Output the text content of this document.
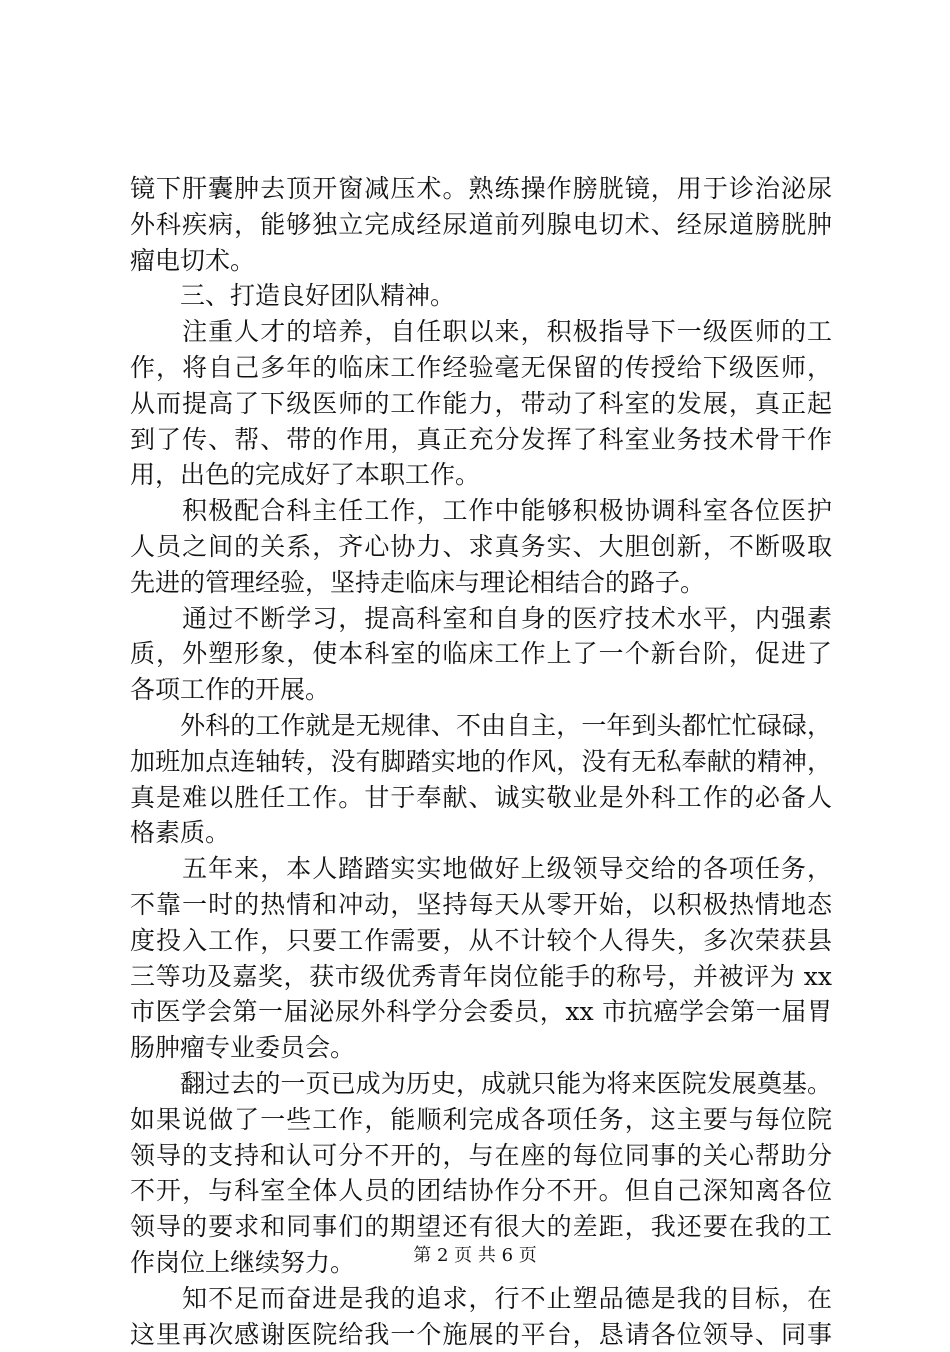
镜下肝囊肿去顶开窗减压术。熟练操作膀胱镜，用于诊治泌尿
外科疾病，能够独立完成经尿道前列腺电切术、经尿道膀胱肿
瘤电切术。
　　三、打造良好团队精神。
　　注重人才的培养，自任职以来，积极指导下一级医师的工
作，将自己多年的临床工作经验毫无保留的传授给下级医师，
从而提高了下级医师的工作能力，带动了科室的发展，真正起
到了传、帮、带的作用，真正充分发挥了科室业务技术骨干作
用，出色的完成好了本职工作。
　　积极配合科主任工作，工作中能够积极协调科室各位医护
人员之间的关系，齐心协力、求真务实、大胆创新，不断吸取
先进的管理经验，坚持走临床与理论相结合的路子。
　　通过不断学习，提高科室和自身的医疗技术水平，内强素
质，外塑形象，使本科室的临床工作上了一个新台阶，促进了
各项工作的开展。
　　外科的工作就是无规律、不由自主，一年到头都忙忙碌碌，
加班加点连轴转，没有脚踏实地的作风，没有无私奉献的精神，
真是难以胜任工作。甘于奉献、诚实敬业是外科工作的必备人
格素质。
　　五年来，本人踏踏实实地做好上级领导交给的各项任务，
不靠一时的热情和冲动，坚持每天从零开始，以积极热情地态
度投入工作，只要工作需要，从不计较个人得失，多次荣获县
三等功及嘉奖，获市级优秀青年岗位能手的称号，并被评为 xx
市医学会第一届泌尿外科学分会委员，xx 市抗癌学会第一届胃
肠肿瘤专业委员会。
　　翻过去的一页已成为历史，成就只能为将来医院发展奠基。
如果说做了一些工作，能顺利完成各项任务，这主要与每位院
领导的支持和认可分不开的，与在座的每位同事的关心帮助分
不开，与科室全体人员的团结协作分不开。但自己深知离各位
领导的要求和同事们的期望还有很大的差距，我还要在我的工
作岗位上继续努力。
　　知不足而奋进是我的追求，行不止塑品德是我的目标，在
这里再次感谢医院给我一个施展的平台，恳请各位领导、同事
第 2 页 共 6 页
